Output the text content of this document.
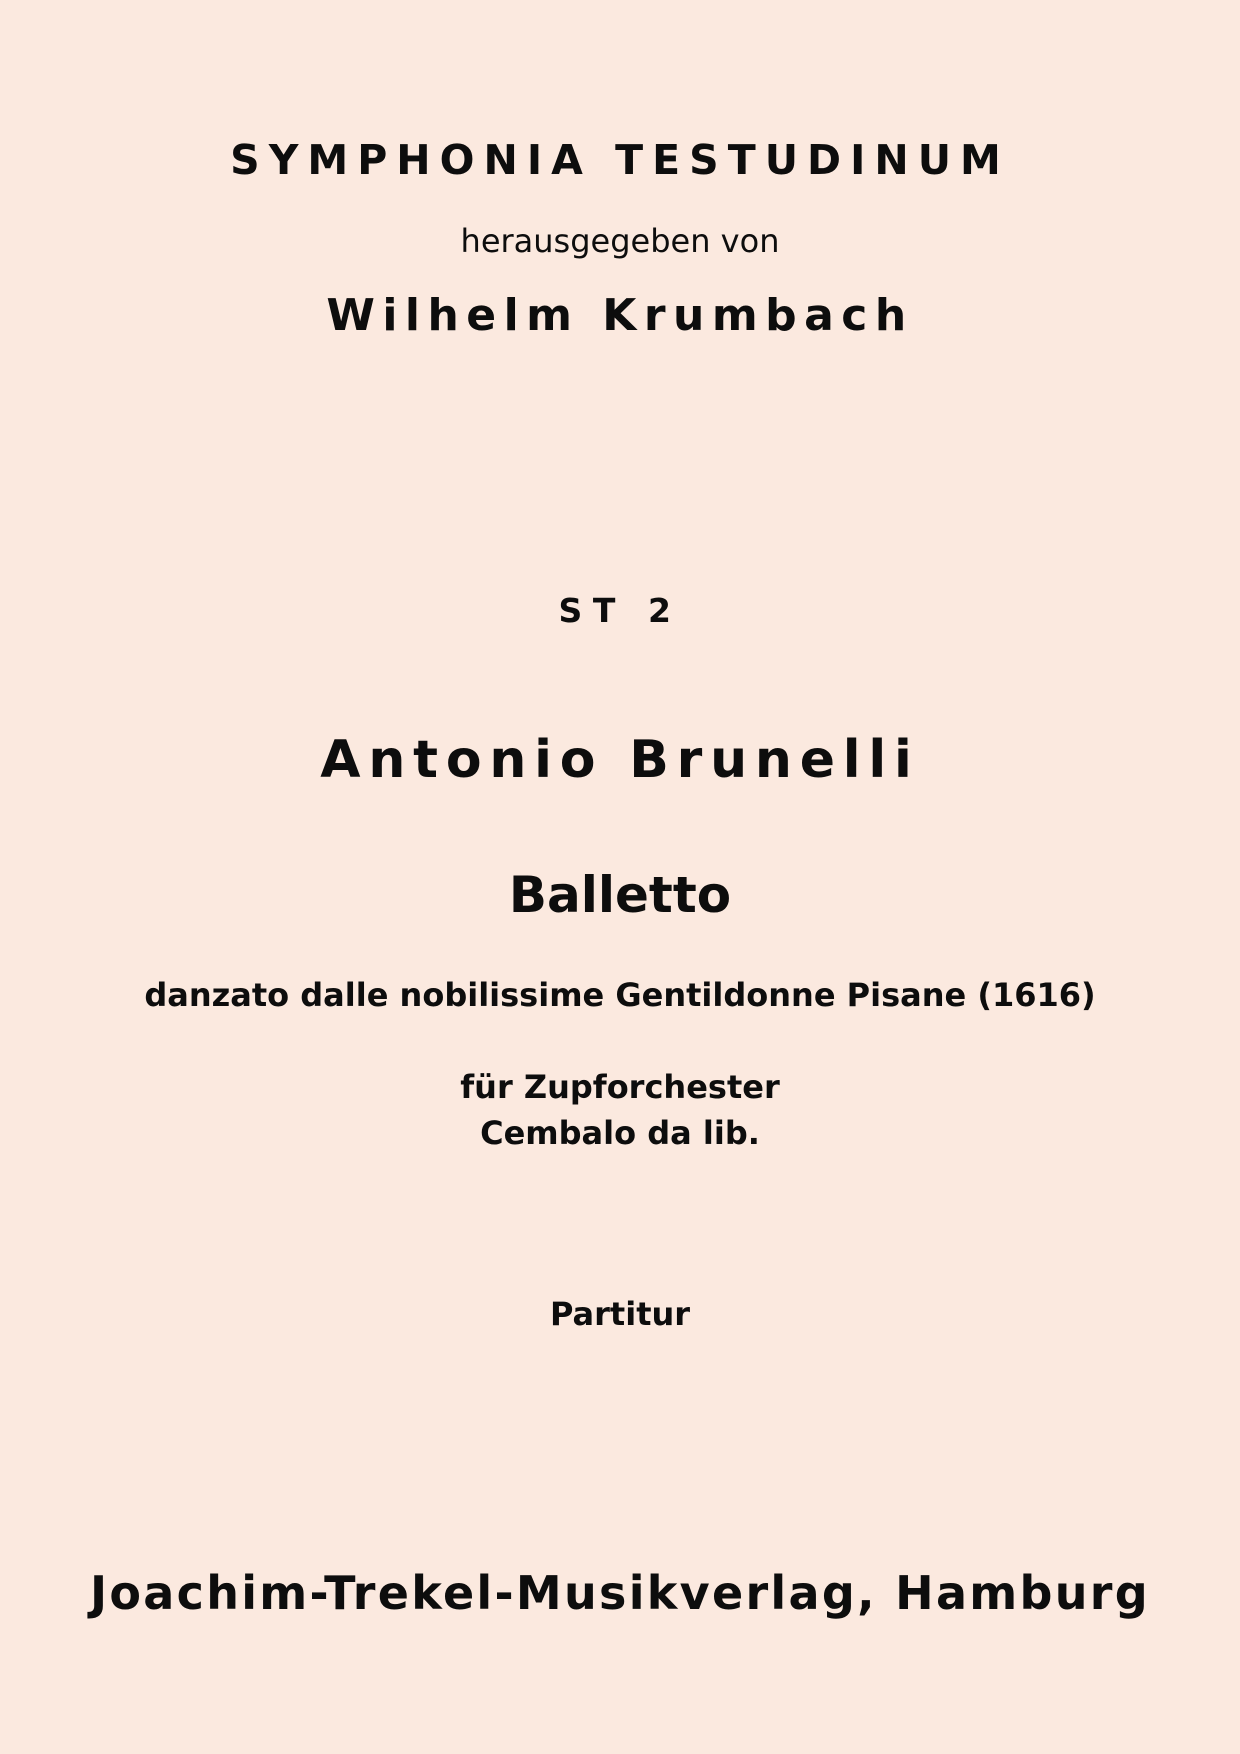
SYMPHONIA TESTUDINUM
herausgegeben von
Wilhelm Krumbach
ST 2
Antonio Brunelli
Balletto
danzato dalle nobilissime Gentildonne Pisane (1616)
für Zupforchester
Cembalo da lib.
Partitur
Joachim-Trekel-Musikverlag, Hamburg
